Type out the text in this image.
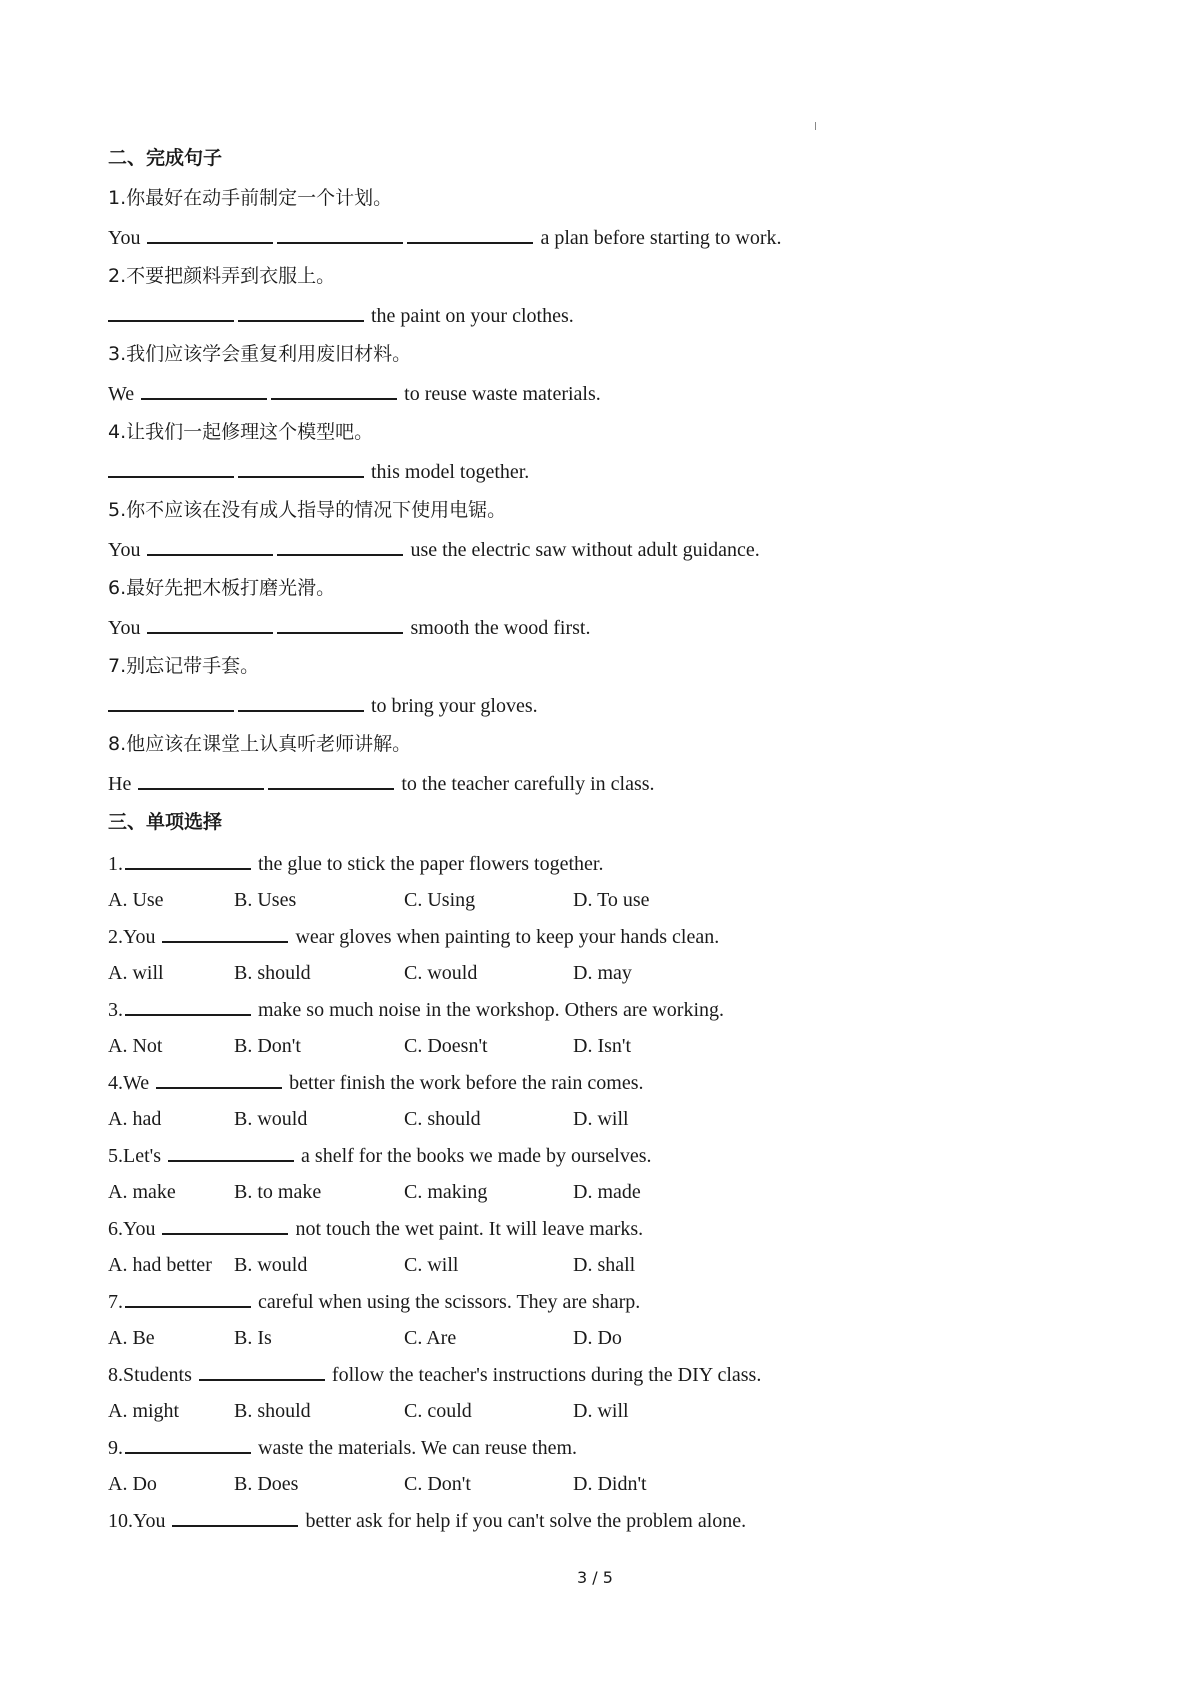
二、完成句子
1.你最好在动手前制定一个计划。
You	a plan before starting to work.
2.不要把颜料弄到衣服上。
the paint on your clothes.
3.我们应该学会重复利用废旧材料。
We	to reuse waste materials.
4.让我们一起修理这个模型吧。
this model together.
5.你不应该在没有成人指导的情况下使用电锯。
You	use the electric saw without adult guidance.
6.最好先把木板打磨光滑。
You	smooth the wood first.
7.别忘记带手套。
to bring your gloves.
8.他应该在课堂上认真听老师讲解。
He	to the teacher carefully in class.
三、单项选择
1.	the glue to stick the paper flowers together.
A. Use	B. Uses	C. Using	D. To use
2.You	wear gloves when painting to keep your hands clean.
A. will	B. should	C. would	D. may
3.	make so much noise in the workshop. Others are working.
A. Not	B. Don't	C. Doesn't	D. Isn't
4.We	better finish the work before the rain comes.
A. had	B. would	C. should	D. will
5.Let's	a shelf for the books we made by ourselves.
A. make	B. to make	C. making	D. made
6.You	not touch the wet paint. It will leave marks.
A. had better B. would	C. will	D. shall
7.	careful when using the scissors. They are sharp.
A. Be	B. Is	C. Are	D. Do
8.Students	follow the teacher's instructions during the DIY class.
A. might	B. should	C. could	D. will
9.	waste the materials. We can reuse them.
A. Do	B. Does	C. Don't	D. Didn't
10.You	better ask for help if you can't solve the problem alone.
3 / 5
